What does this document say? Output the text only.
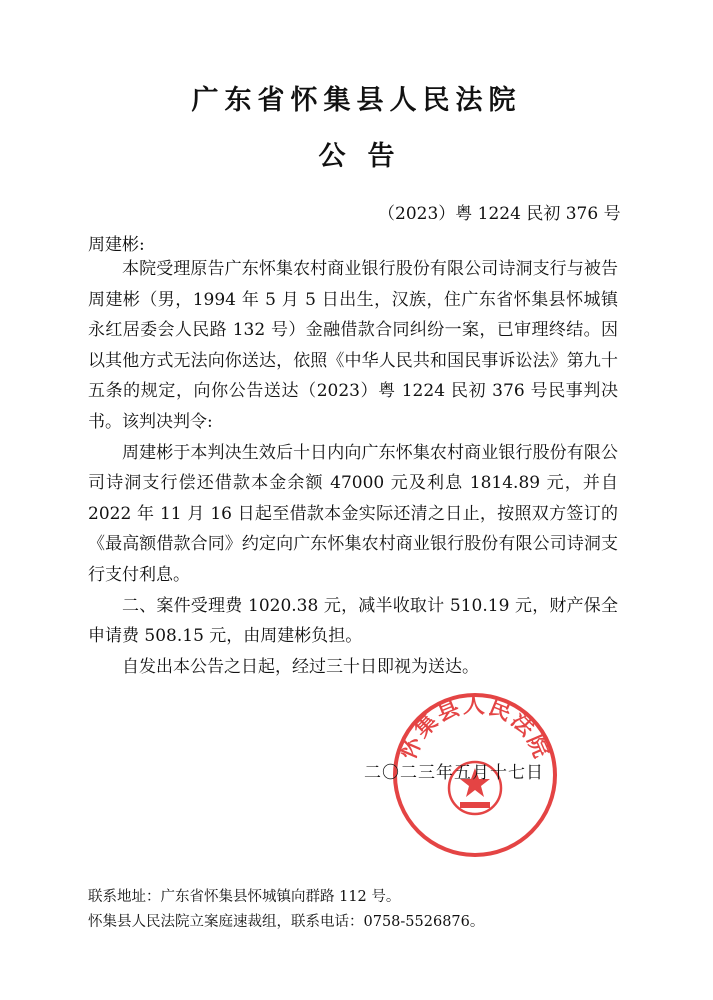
广东省怀集县人民法院
公告
（2023）粤 1224 民初 376 号
周建彬:

本院受理原告广东怀集农村商业银行股份有限公司诗洞支行与被告周建彬（男，1994 年 5 月 5 日出生，汉族，住广东省怀集县怀城镇永红居委会人民路 132 号）金融借款合同纠纷一案，已审理终结。因以其他方式无法向你送达，依照《中华人民共和国民事诉讼法》第九十五条的规定，向你公告送达（2023）粤 1224 民初 376 号民事判决书。该判决判令:

周建彬于本判决生效后十日内向广东怀集农村商业银行股份有限公司诗洞支行偿还借款本金余额 47000 元及利息 1814.89 元，并自 2022 年 11 月 16 日起至借款本金实际还清之日止，按照双方签订的《最高额借款合同》约定向广东怀集农村商业银行股份有限公司诗洞支行支付利息。

二、案件受理费 1020.38 元，减半收取计 510.19 元，财产保全申请费 508.15 元，由周建彬负担。

自发出本公告之日起，经过三十日即视为送达。

怀集县人民法院
二〇二三年五月十七日
联系地址：广东省怀集县怀城镇向群路 112 号。
怀集县人民法院立案庭速裁组，联系电话：0758-5526876。
